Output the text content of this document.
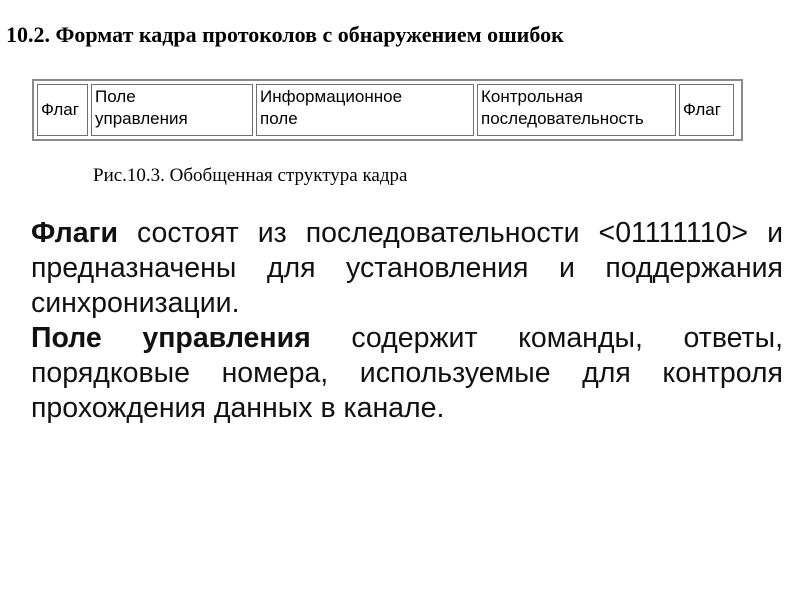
10.2. Формат кадра протоколов с обнаружением ошибок
Флаг
Поле
управления
Информационное
поле
Контрольная
последовательность	Флаг
Рис.10.3. Обобщенная структура кадра

Флаги состоят из последовательности <01111110> и предназначены для установления и поддержания синхронизации.

Поле управления содержит команды, ответы, порядковые номера, используемые для контроля прохождения данных в канале.
